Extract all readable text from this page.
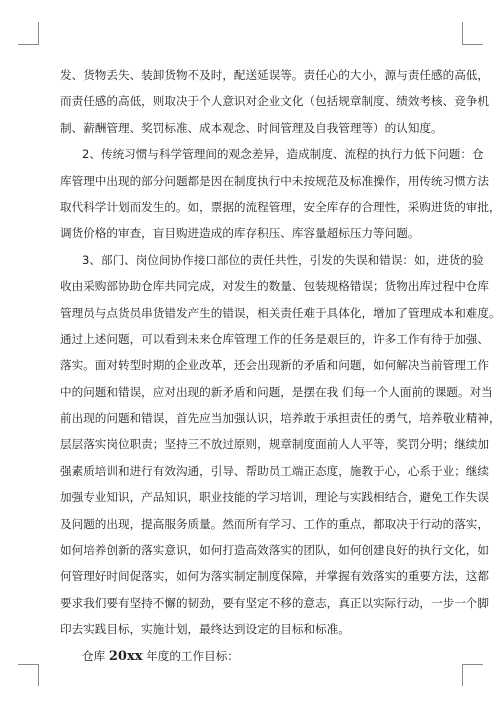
发、货物丢失、装卸货物不及时，配送延误等。责任心的大小，源与责任感的高低，
而责任感的高低，则取决于个人意识对企业文化（包括规章制度、绩效考核、竞争机
制、薪酬管理、奖罚标准、成本观念、时间管理及自我管理等）的认知度。
2、传统习惯与科学管理间的观念差异，造成制度、流程的执行力低下问题：仓
库管理中出现的部分问题都是因在制度执行中未按规范及标准操作，用传统习惯方法
取代科学计划而发生的。如，票据的流程管理，安全库存的合理性，采购进货的审批，
调货价格的审查，盲目购进造成的库存积压、库容量超标压力等问题。
3、部门、岗位间协作接口部位的责任共性，引发的失误和错误：如，进货的验
收由采购部协助仓库共同完成，对发生的数量、包装规格错误；货物出库过程中仓库
管理员与点货员串货错发产生的错误，相关责任难于具体化，增加了管理成本和难度。
通过上述问题，可以看到未来仓库管理工作的任务是艰巨的，许多工作有待于加强、
落实。面对转型时期的企业改革，还会出现新的矛盾和问题，如何解决当前管理工作
中的问题和错误，应对出现的新矛盾和问题，是摆在我 们每一个人面前的课题。对当
前出现的问题和错误，首先应当加强认识，培养敢于承担责任的勇气，培养敬业精神，
层层落实岗位职责；坚持三不放过原则，规章制度面前人人平等，奖罚分明；继续加
强素质培训和进行有效沟通，引导、帮助员工端正态度，施教于心，心系于业；继续
加强专业知识，产品知识，职业技能的学习培训，理论与实践相结合，避免工作失误
及问题的出现，提高服务质量。然而所有学习、工作的重点，都取决于行动的落实，
如何培养创新的落实意识，如何打造高效落实的团队，如何创建良好的执行文化，如
何管理好时间促落实，如何为落实制定制度保障，并掌握有效落实的重要方法，这都
要求我们要有坚持不懈的韧劲，要有坚定不移的意志，真正以实际行动，一步一个脚
印去实践目标，实施计划，最终达到设定的目标和标准。
仓库 20xx 年度的工作目标：
